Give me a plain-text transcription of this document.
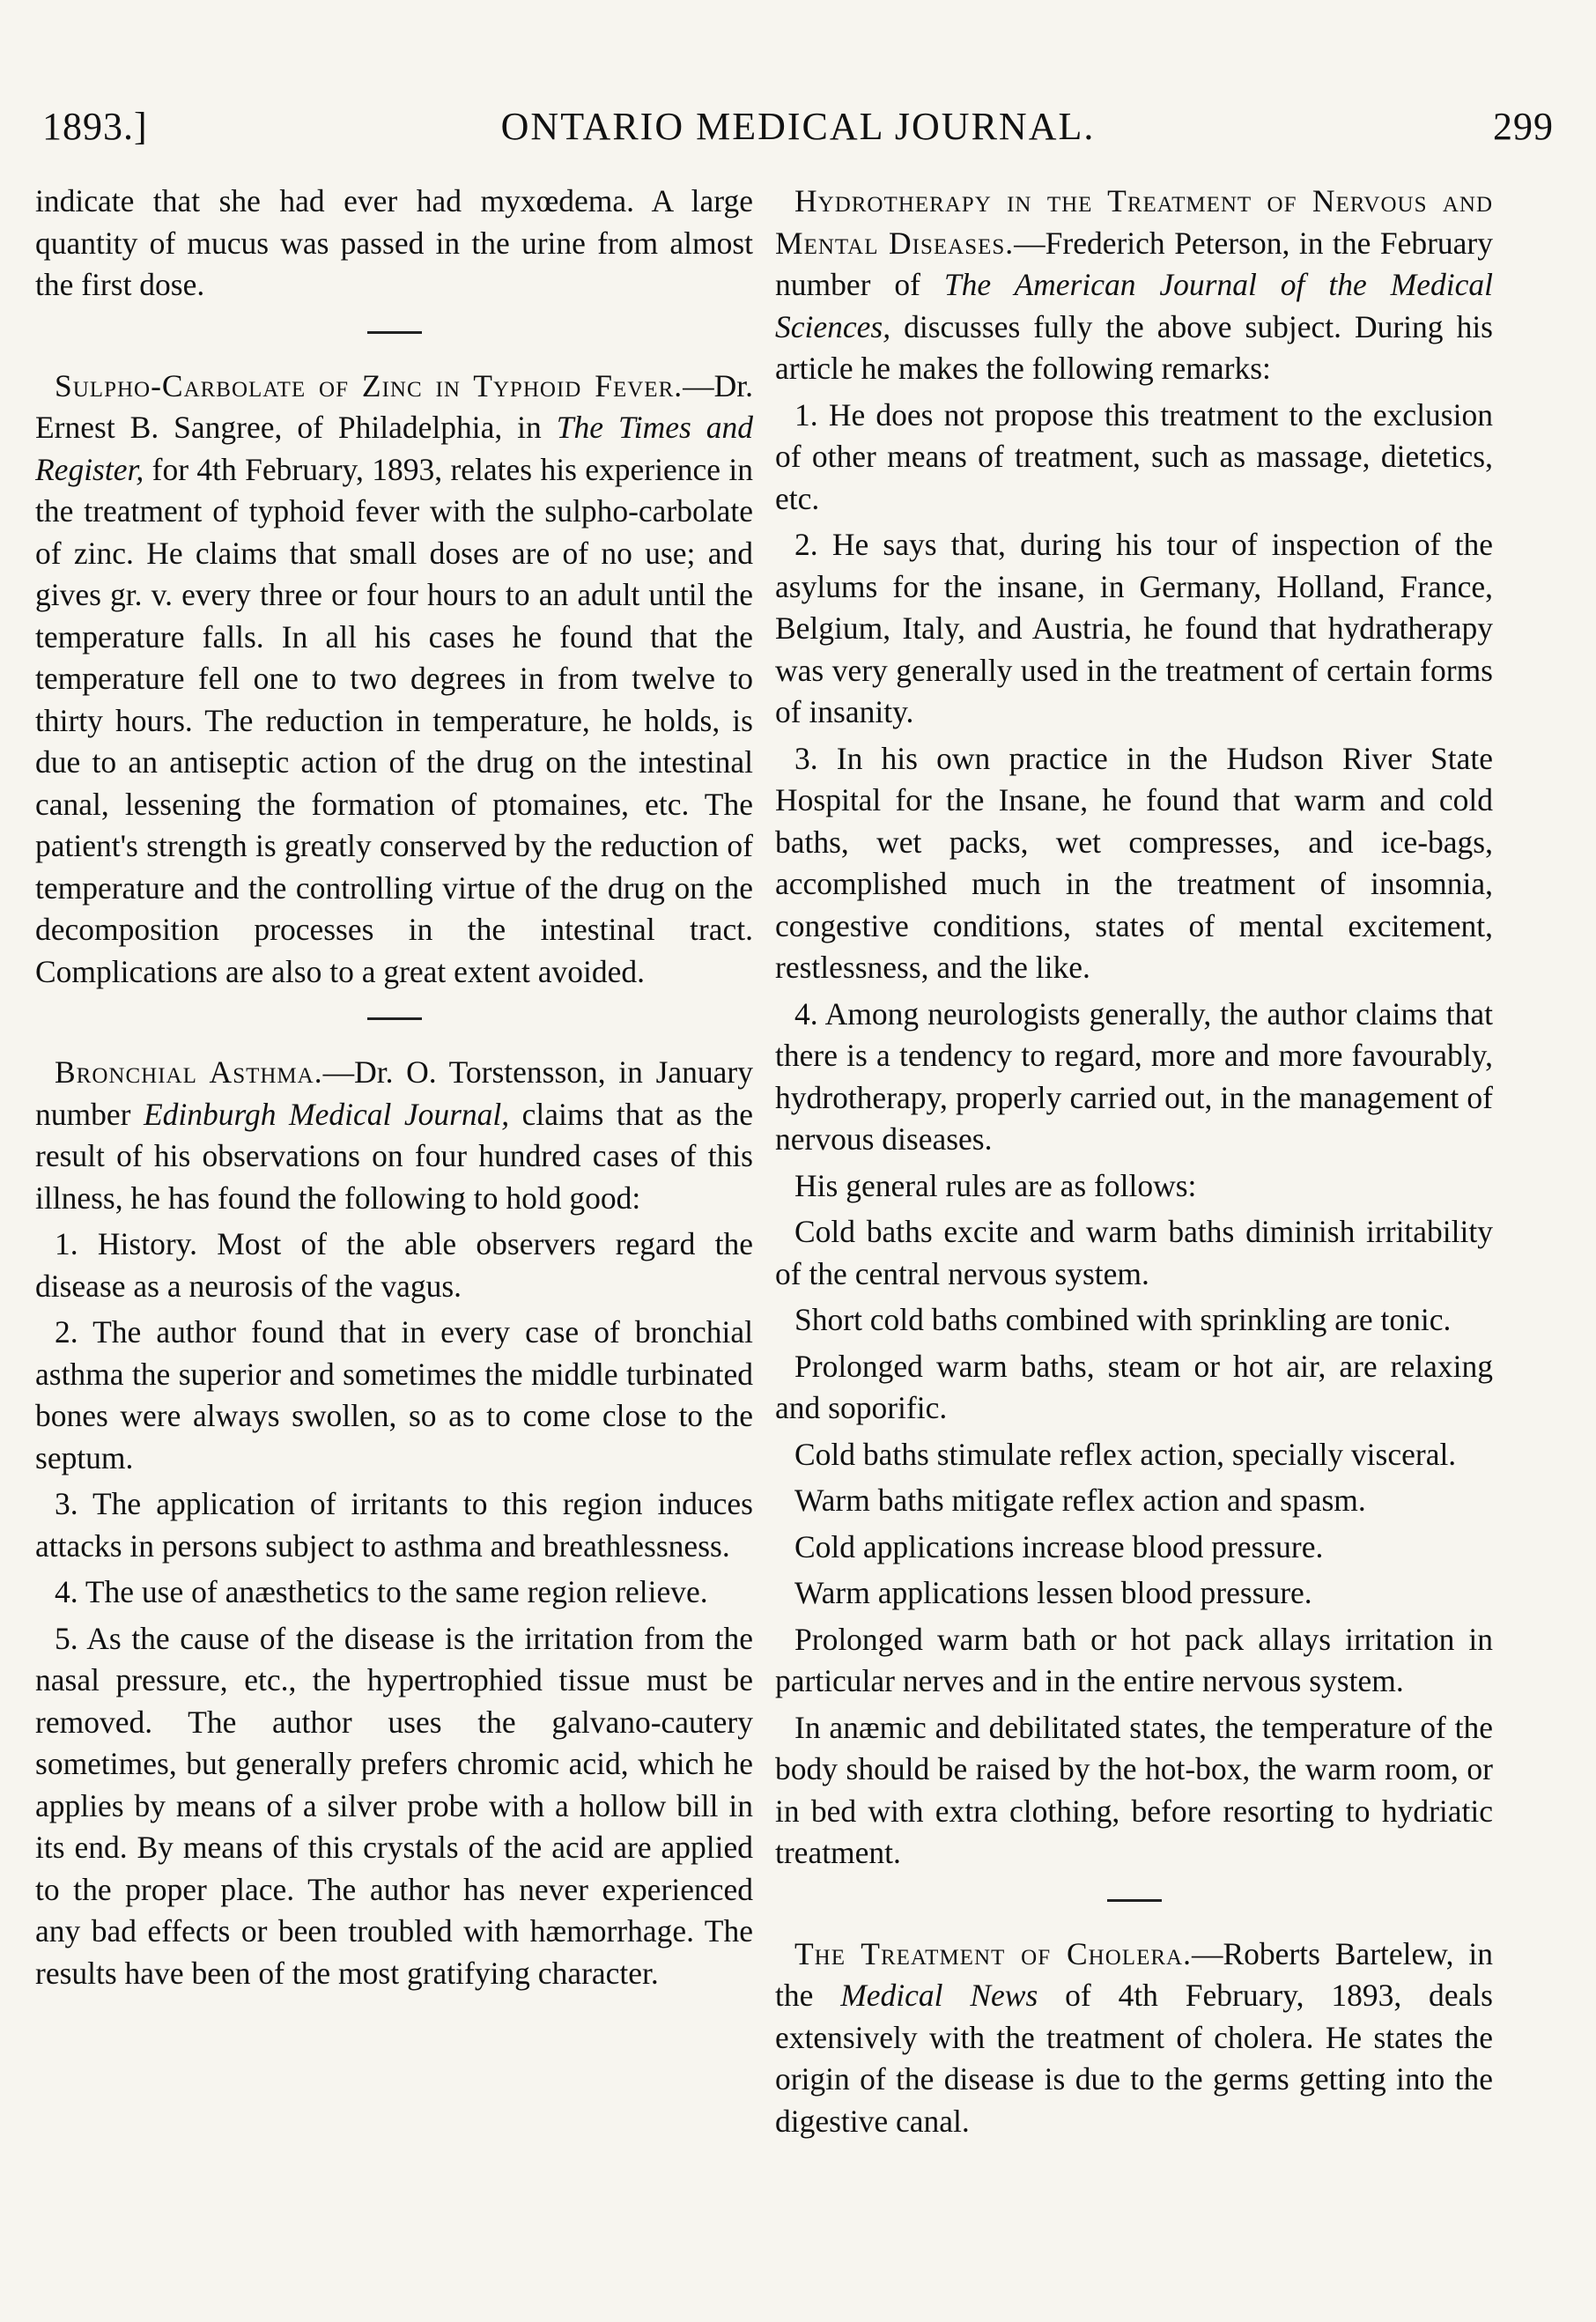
1893.]	ONTARIO MEDICAL JOURNAL.	299

indicate that she had ever had myxœdema. A large quantity of mucus was passed in the urine from almost the first dose.

Sulpho-Carbolate of Zinc in Typhoid Fever.—Dr. Ernest B. Sangree, of Philadelphia, in The Times and Register, for 4th February, 1893, relates his experience in the treatment of typhoid fever with the sulpho-carbolate of zinc. He claims that small doses are of no use; and gives gr. v. every three or four hours to an adult until the temperature falls. In all his cases he found that the temperature fell one to two degrees in from twelve to thirty hours. The reduction in temperature, he holds, is due to an antiseptic action of the drug on the intestinal canal, lessening the formation of ptomaines, etc. The patient's strength is greatly conserved by the reduction of temperature and the controlling virtue of the drug on the decomposition processes in the intestinal tract. Complications are also to a great extent avoided.

Bronchial Asthma.—Dr. O. Torstensson, in January number Edinburgh Medical Journal, claims that as the result of his observations on four hundred cases of this illness, he has found the following to hold good:

1. History. Most of the able observers regard the disease as a neurosis of the vagus.

2. The author found that in every case of bronchial asthma the superior and sometimes the middle turbinated bones were always swollen, so as to come close to the septum.

3. The application of irritants to this region induces attacks in persons subject to asthma and breathlessness.

4. The use of anæsthetics to the same region relieve.

5. As the cause of the disease is the irritation from the nasal pressure, etc., the hypertrophied tissue must be removed. The author uses the galvano-cautery sometimes, but generally prefers chromic acid, which he applies by means of a silver probe with a hollow bill in its end. By means of this crystals of the acid are applied to the proper place. The author has never experienced any bad effects or been troubled with hæmorrhage. The results have been of the most gratifying character.

Hydrotherapy in the Treatment of Nervous and Mental Diseases.—Frederich Peterson, in the February number of The American Journal of the Medical Sciences, discusses fully the above subject. During his article he makes the following remarks:

1. He does not propose this treatment to the exclusion of other means of treatment, such as massage, dietetics, etc.

2. He says that, during his tour of inspection of the asylums for the insane, in Germany, Holland, France, Belgium, Italy, and Austria, he found that hydratherapy was very generally used in the treatment of certain forms of insanity.

3. In his own practice in the Hudson River State Hospital for the Insane, he found that warm and cold baths, wet packs, wet compresses, and ice-bags, accomplished much in the treatment of insomnia, congestive conditions, states of mental excitement, restlessness, and the like.

4. Among neurologists generally, the author claims that there is a tendency to regard, more and more favourably, hydrotherapy, properly carried out, in the management of nervous diseases.

His general rules are as follows:

Cold baths excite and warm baths diminish irritability of the central nervous system.

Short cold baths combined with sprinkling are tonic.

Prolonged warm baths, steam or hot air, are relaxing and soporific.

Cold baths stimulate reflex action, specially visceral.

Warm baths mitigate reflex action and spasm.

Cold applications increase blood pressure.

Warm applications lessen blood pressure.

Prolonged warm bath or hot pack allays irritation in particular nerves and in the entire nervous system.

In anæmic and debilitated states, the temperature of the body should be raised by the hot-box, the warm room, or in bed with extra clothing, before resorting to hydriatic treatment.

The Treatment of Cholera.—Roberts Bartelew, in the Medical News of 4th February, 1893, deals extensively with the treatment of cholera. He states the origin of the disease is due to the germs getting into the digestive canal.
